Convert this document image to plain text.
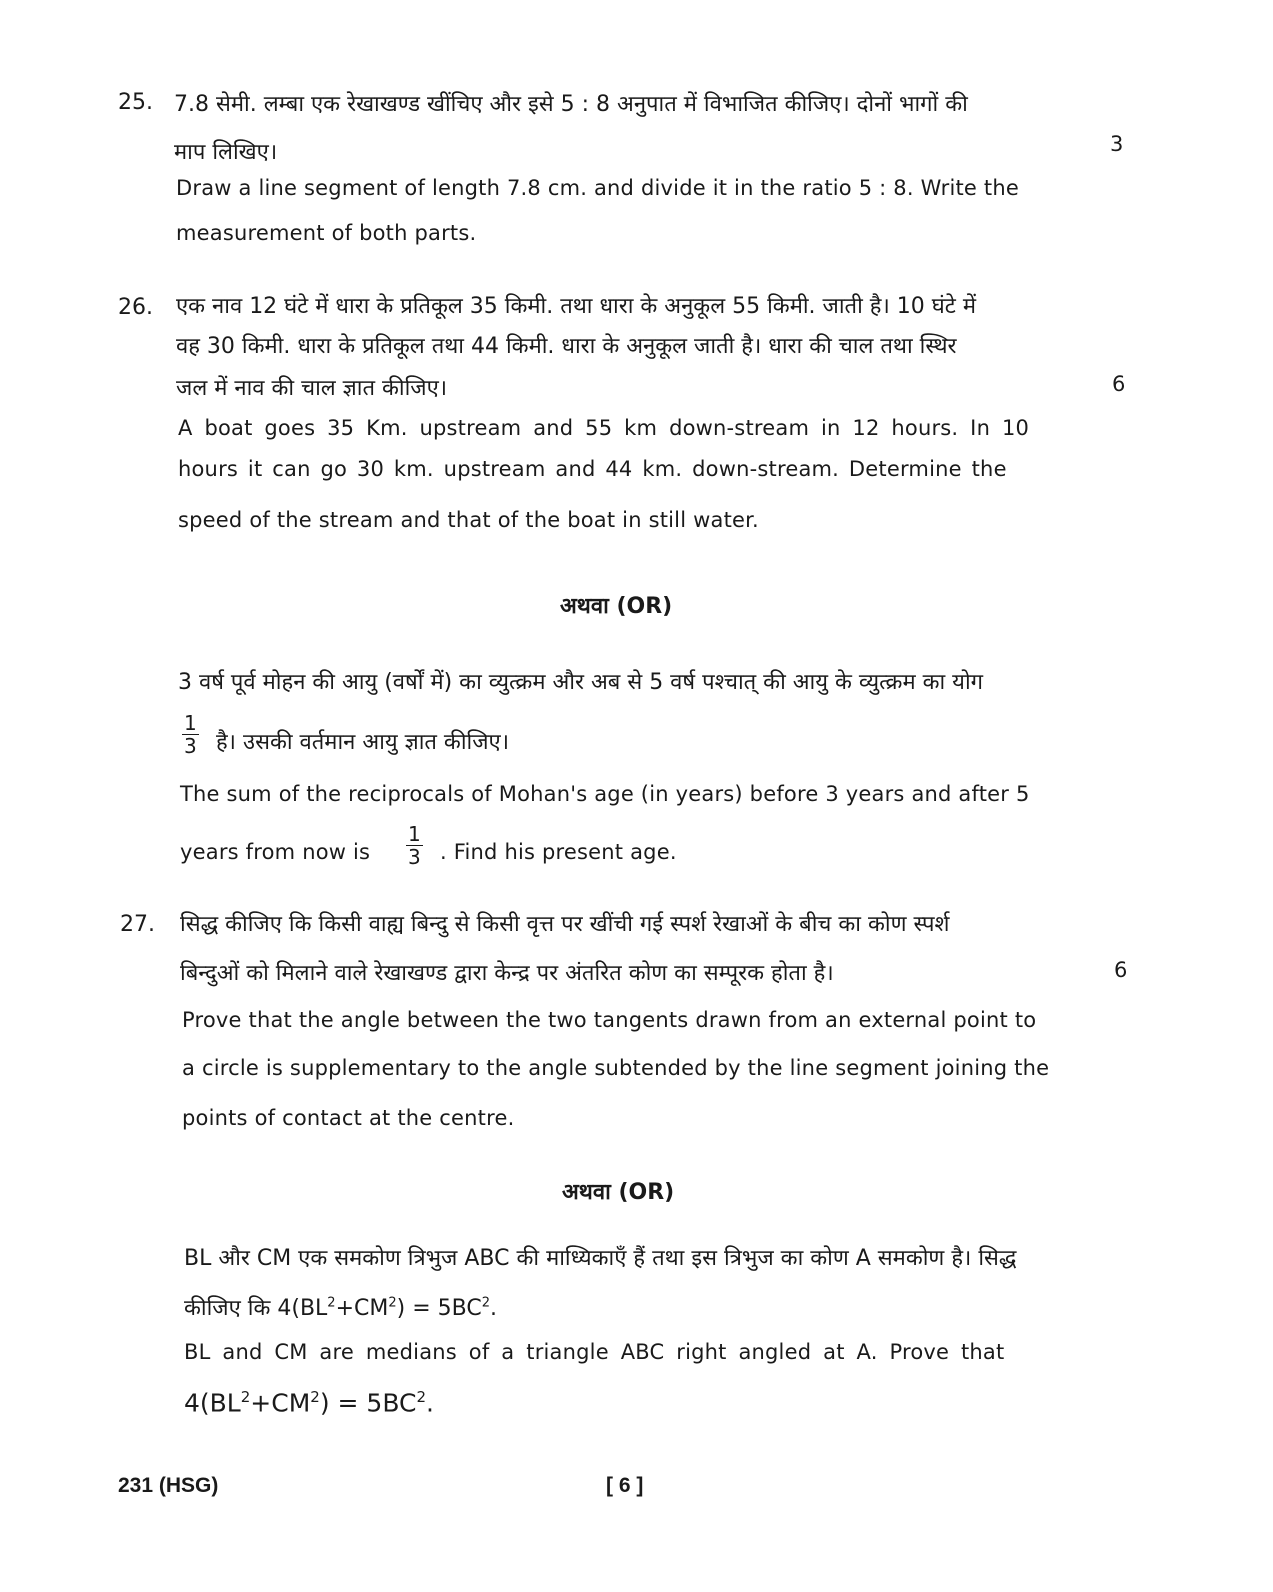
25. 7.8 सेमी. लम्बा एक रेखाखण्ड खींचिए और इसे 5 : 8 अनुपात में विभाजित कीजिए। दोनों भागों की
माप लिखिए।	3
Draw a line segment of length 7.8 cm. and divide it in the ratio 5 : 8. Write the
measurement of both parts.
26. एक नाव 12 घंटे में धारा के प्रतिकूल 35 किमी. तथा धारा के अनुकूल 55 किमी. जाती है। 10 घंटे में
वह 30 किमी. धारा के प्रतिकूल तथा 44 किमी. धारा के अनुकूल जाती है। धारा की चाल तथा स्थिर
जल में नाव की चाल ज्ञात कीजिए।	6
A boat goes 35 Km. upstream and 55 km down-stream in 12 hours. In 10
hours it can go 30 km. upstream and 44 km. down-stream. Determine the
speed of the stream and that of the boat in still water.
अथवा (OR)
3 वर्ष पूर्व मोहन की आयु (वर्षों में) का व्युत्क्रम और अब से 5 वर्ष पश्चात् की आयु के व्युत्क्रम का योग
$\frac{1}{3}$ है। उसकी वर्तमान आयु ज्ञात कीजिए।
The sum of the reciprocals of Mohan's age (in years) before 3 years and after 5
years from now is $\frac{1}{3}$ . Find his present age.
27. सिद्ध कीजिए कि किसी वाह्य बिन्दु से किसी वृत्त पर खींची गई स्पर्श रेखाओं के बीच का कोण स्पर्श
बिन्दुओं को मिलाने वाले रेखाखण्ड द्वारा केन्द्र पर अंतरित कोण का सम्पूरक होता है।	6
Prove that the angle between the two tangents drawn from an external point to
a circle is supplementary to the angle subtended by the line segment joining the
points of contact at the centre.
अथवा (OR)
BL और CM एक समकोण त्रिभुज ABC की माध्यिकाएँ हैं तथा इस त्रिभुज का कोण A समकोण है। सिद्ध
कीजिए कि $4(BL^2+CM^2) = 5BC^2$.
BL and CM are medians of a triangle ABC right angled at A. Prove that
$4(BL^2+CM^2) = 5BC^2$.
231 (HSG)	[ 6 ]
